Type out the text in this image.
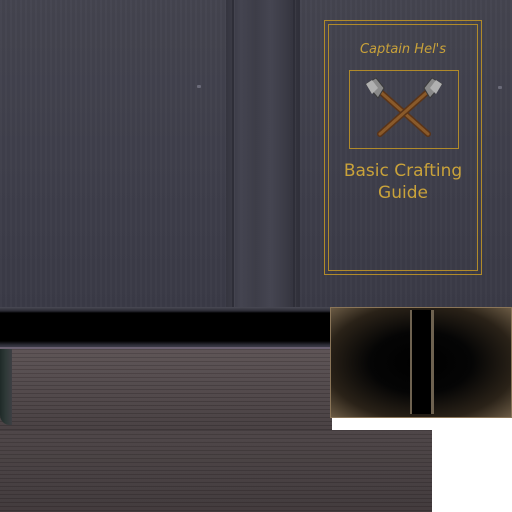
Captain Hel's
Basic Crafting
Guide
